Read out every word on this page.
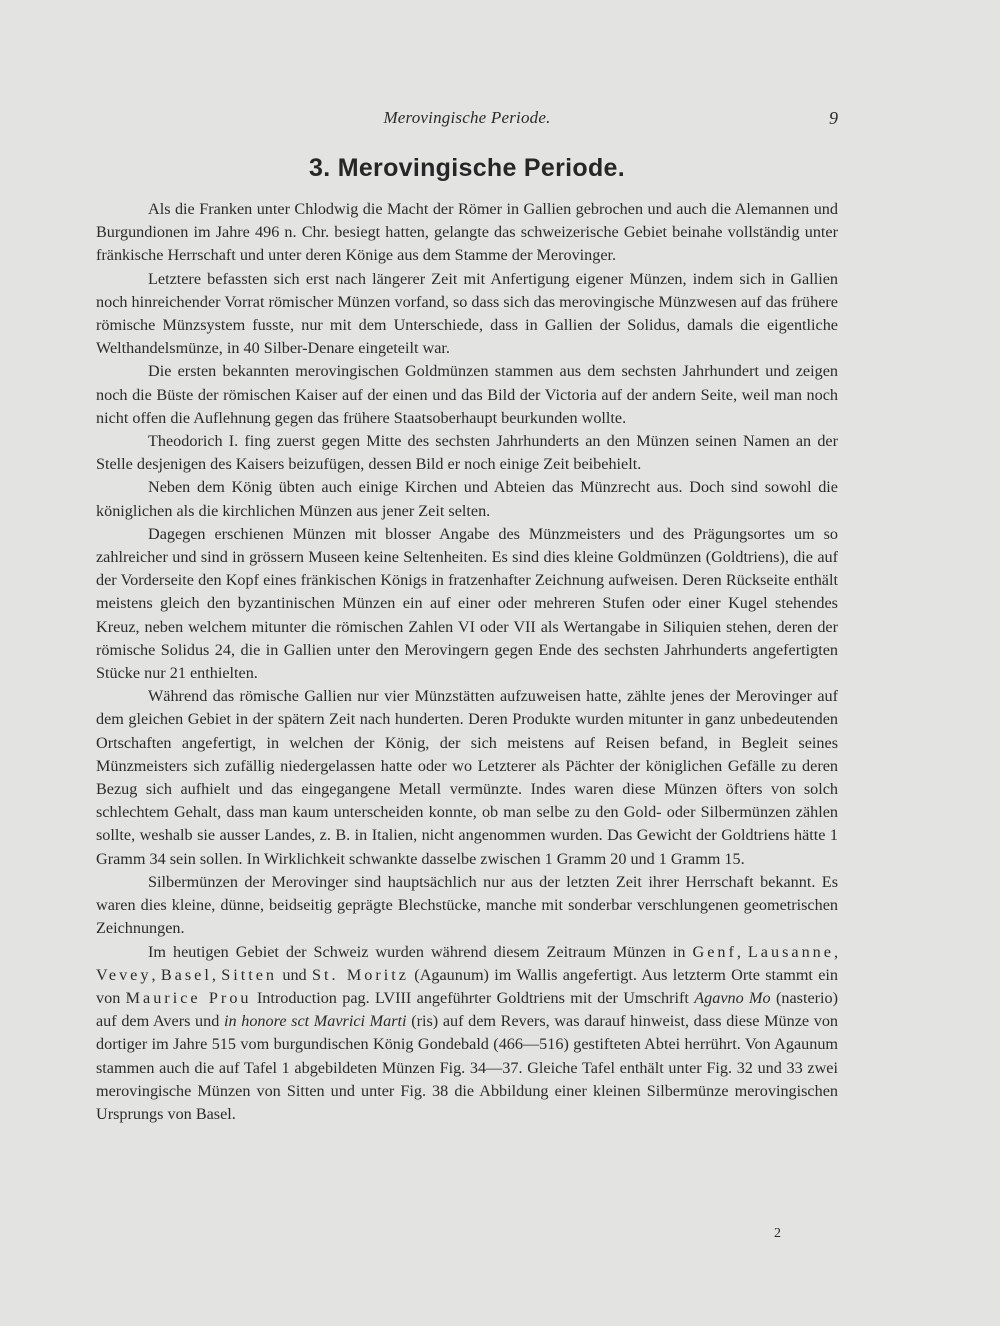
Merovingische Periode.	9
3. Merovingische Periode.

Als die Franken unter Chlodwig die Macht der Römer in Gallien gebrochen und auch die Alemannen und Burgundionen im Jahre 496 n. Chr. besiegt hatten, gelangte das schweizerische Gebiet beinahe vollständig unter fränkische Herrschaft und unter deren Könige aus dem Stamme der Merovinger.

Letztere befassten sich erst nach längerer Zeit mit Anfertigung eigener Münzen, indem sich in Gallien noch hinreichender Vorrat römischer Münzen vorfand, so dass sich das merovingische Münzwesen auf das frühere römische Münzsystem fusste, nur mit dem Unterschiede, dass in Gallien der Solidus, damals die eigentliche Welthandelsmünze, in 40 Silber-Denare eingeteilt war.

Die ersten bekannten merovingischen Goldmünzen stammen aus dem sechsten Jahrhundert und zeigen noch die Büste der römischen Kaiser auf der einen und das Bild der Victoria auf der andern Seite, weil man noch nicht offen die Auflehnung gegen das frühere Staatsoberhaupt beurkunden wollte.

Theodorich I. fing zuerst gegen Mitte des sechsten Jahrhunderts an den Münzen seinen Namen an der Stelle desjenigen des Kaisers beizufügen, dessen Bild er noch einige Zeit beibehielt.

Neben dem König übten auch einige Kirchen und Abteien das Münzrecht aus. Doch sind sowohl die königlichen als die kirchlichen Münzen aus jener Zeit selten.

Dagegen erschienen Münzen mit blosser Angabe des Münzmeisters und des Prägungsortes um so zahlreicher und sind in grössern Museen keine Seltenheiten. Es sind dies kleine Goldmünzen (Goldtriens), die auf der Vorderseite den Kopf eines fränkischen Königs in fratzenhafter Zeichnung aufweisen. Deren Rückseite enthält meistens gleich den byzantinischen Münzen ein auf einer oder mehreren Stufen oder einer Kugel stehendes Kreuz, neben welchem mitunter die römischen Zahlen VI oder VII als Wertangabe in Siliquien stehen, deren der römische Solidus 24, die in Gallien unter den Merovingern gegen Ende des sechsten Jahrhunderts angefertigten Stücke nur 21 enthielten.

Während das römische Gallien nur vier Münzstätten aufzuweisen hatte, zählte jenes der Merovinger auf dem gleichen Gebiet in der spätern Zeit nach hunderten. Deren Produkte wurden mitunter in ganz unbedeutenden Ortschaften angefertigt, in welchen der König, der sich meistens auf Reisen befand, in Begleit seines Münzmeisters sich zufällig niedergelassen hatte oder wo Letzterer als Pächter der königlichen Gefälle zu deren Bezug sich aufhielt und das eingegangene Metall vermünzte. Indes waren diese Münzen öfters von solch schlechtem Gehalt, dass man kaum unterscheiden konnte, ob man selbe zu den Gold- oder Silbermünzen zählen sollte, weshalb sie ausser Landes, z. B. in Italien, nicht angenommen wurden. Das Gewicht der Goldtriens hätte 1 Gramm 34 sein sollen. In Wirklichkeit schwankte dasselbe zwischen 1 Gramm 20 und 1 Gramm 15.

Silbermünzen der Merovinger sind hauptsächlich nur aus der letzten Zeit ihrer Herrschaft bekannt. Es waren dies kleine, dünne, beidseitig geprägte Blechstücke, manche mit sonderbar verschlungenen geometrischen Zeichnungen.

Im heutigen Gebiet der Schweiz wurden während diesem Zeitraum Münzen in Genf, Lausanne, Vevey, Basel, Sitten und St. Moritz (Agaunum) im Wallis angefertigt. Aus letzterm Orte stammt ein von Maurice Prou Introduction pag. LVIII angeführter Goldtriens mit der Umschrift Agavno Mo (nasterio) auf dem Avers und in honore sct Mavrici Marti (ris) auf dem Revers, was darauf hinweist, dass diese Münze von dortiger im Jahre 515 vom burgundischen König Gondebald (466—516) gestifteten Abtei herrührt. Von Agaunum stammen auch die auf Tafel 1 abgebildeten Münzen Fig. 34—37. Gleiche Tafel enthält unter Fig. 32 und 33 zwei merovingische Münzen von Sitten und unter Fig. 38 die Abbildung einer kleinen Silbermünze merovingischen Ursprungs von Basel.

2
